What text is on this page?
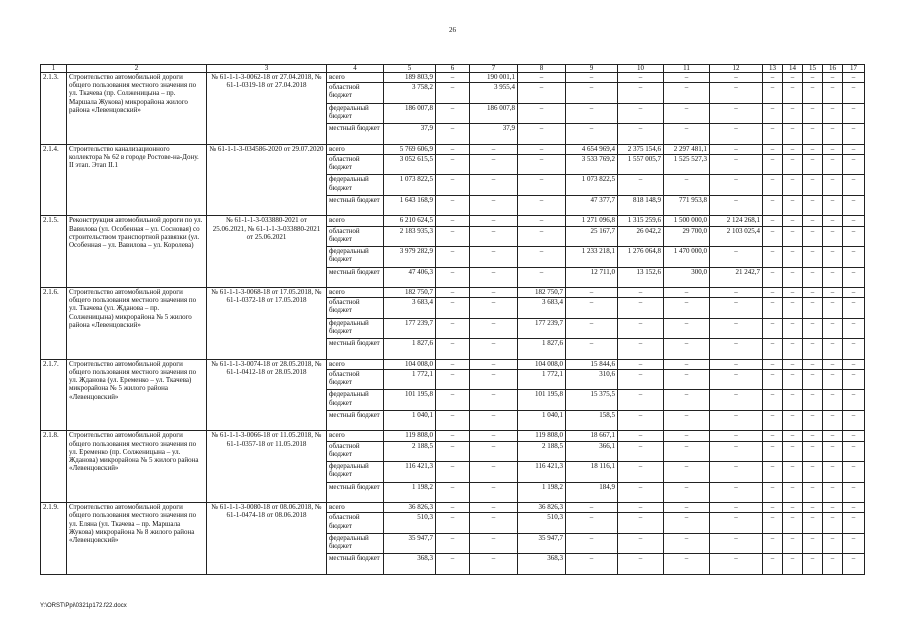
26
1	2	3	4	5	6	7	8	9	10	11	12	13	14	15	16	17
2.1.3.	Строительство автомобильной дороги общего пользования местного значения по ул. Ткачева (пр. Солженицына – пр. Маршала Жукова) микрорайона жилого района «Левенцовский»	№ 61-1-1-3-0062-18 от 27.04.2018, № 61-1-0319-18 от 27.04.2018	всего	189 803,9	–	190 001,1	–	–	–	–	–	–	–	–	–	–
			областной бюджет	3 758,2	–	3 955,4	–	–	–	–	–	–	–	–	–	–
			федеральный бюджет	186 007,8	–	186 007,8	–	–	–	–	–	–	–	–	–	–
			местный бюджет	37,9	–	37,9	–	–	–	–	–	–	–	–	–	–
2.1.4.	Строительство канализационного коллектора № 62 в городе Ростове-на-Дону. II этап. Этап II.1	№ 61-1-1-3-034586-2020 от 29.07.2020	всего	5 769 606,9	–	–	–	4 654 969,4	2 375 154,6	2 297 481,1	–	–	–	–	–	–
			областной бюджет	3 052 615,5	–	–	–	3 533 769,2	1 557 005,7	1 525 527,3	–	–	–	–	–	–
			федеральный бюджет	1 073 822,5	–	–	–	1 073 822,5	–	–	–	–	–	–	–	–
			местный бюджет	1 643 168,9	–	–	–	47 377,7	818 148,9	771 953,8	–	–	–	–	–	–
2.1.5.	Реконструкция автомобильной дороги по ул. Вавилова (ул. Особенная – ул. Сосновая) со строительством транспортной развязки (ул. Особенная – ул. Вавилова – ул. Королева)	№ 61-1-1-3-033880-2021 от 25.06.2021, № 61-1-1-3-033880-2021 от 25.06.2021	всего	6 210 624,5	–	–	–	1 271 096,8	1 315 259,6	1 500 000,0	2 124 268,1	–	–	–	–	–
			областной бюджет	2 183 935,3	–	–	–	25 167,7	26 042,2	29 700,0	2 103 025,4	–	–	–	–	–
			федеральный бюджет	3 979 282,9	–	–	–	1 233 218,1	1 276 064,8	1 470 000,0	–	–	–	–	–	–
			местный бюджет	47 406,3	–	–	–	12 711,0	13 152,6	300,0	21 242,7	–	–	–	–	–
2.1.6.	Строительство автомобильной дороги общего пользования местного значения по ул. Ткачева (ул. Жданова – пр. Солженицына) микрорайона № 5 жилого района «Левенцовский»	№ 61-1-1-3-0068-18 от 17.05.2018, № 61-1-0372-18 от 17.05.2018	всего	182 750,7	–	–	182 750,7	–	–	–	–	–	–	–	–	–
			областной бюджет	3 683,4	–	–	3 683,4	–	–	–	–	–	–	–	–	–
			федеральный бюджет	177 239,7	–	–	177 239,7	–	–	–	–	–	–	–	–	–
			местный бюджет	1 827,6	–	–	1 827,6	–	–	–	–	–	–	–	–	–
2.1.7.	Строительство автомобильной дороги общего пользования местного значения по ул. Жданова (ул. Еременко – ул. Ткачева) микрорайона № 5 жилого района «Левенцовский»	№ 61-1-1-3-0074-18 от 28.05.2018, № 61-1-0412-18 от 28.05.2018	всего	104 008,0	–	–	104 008,0	15 844,6	–	–	–	–	–	–	–	–
			областной бюджет	1 772,1	–	–	1 772,1	310,6	–	–	–	–	–	–	–	–
			федеральный бюджет	101 195,8	–	–	101 195,8	15 375,5	–	–	–	–	–	–	–	–
			местный бюджет	1 040,1	–	–	1 040,1	158,5	–	–	–	–	–	–	–	–
2.1.8.	Строительство автомобильной дороги общего пользования местного значения по ул. Еременко (пр. Солженицына – ул. Жданова) микрорайона № 5 жилого района «Левенцовский»	№ 61-1-1-3-0066-18 от 11.05.2018, № 61-1-0357-18 от 11.05.2018	всего	119 808,0	–	–	119 808,0	18 667,1	–	–	–	–	–	–	–	–
			областной бюджет	2 188,5	–	–	2 188,5	366,1	–	–	–	–	–	–	–	–
			федеральный бюджет	116 421,3	–	–	116 421,3	18 116,1	–	–	–	–	–	–	–	–
			местный бюджет	1 198,2	–	–	1 198,2	184,9	–	–	–	–	–	–	–	–
2.1.9.	Строительство автомобильной дороги общего пользования местного значения по ул. Еляна (ул. Ткачева – пр. Маршала Жукова) микрорайона № 8 жилого района «Левенцовский»	№ 61-1-1-3-0080-18 от 08.06.2018, № 61-1-0474-18 от 08.06.2018	всего	36 826,3	–	–	36 826,3	–	–	–	–	–	–	–	–	–
			областной бюджет	510,3	–	–	510,3	–	–	–	–	–	–	–	–	–
			федеральный бюджет	35 947,7	–	–	35 947,7	–	–	–	–	–	–	–	–	–
			местный бюджет	368,3	–	–	368,3	–	–	–	–	–	–	–	–	–
Y:\ORST\Ppi\0321p172.f22.docx
